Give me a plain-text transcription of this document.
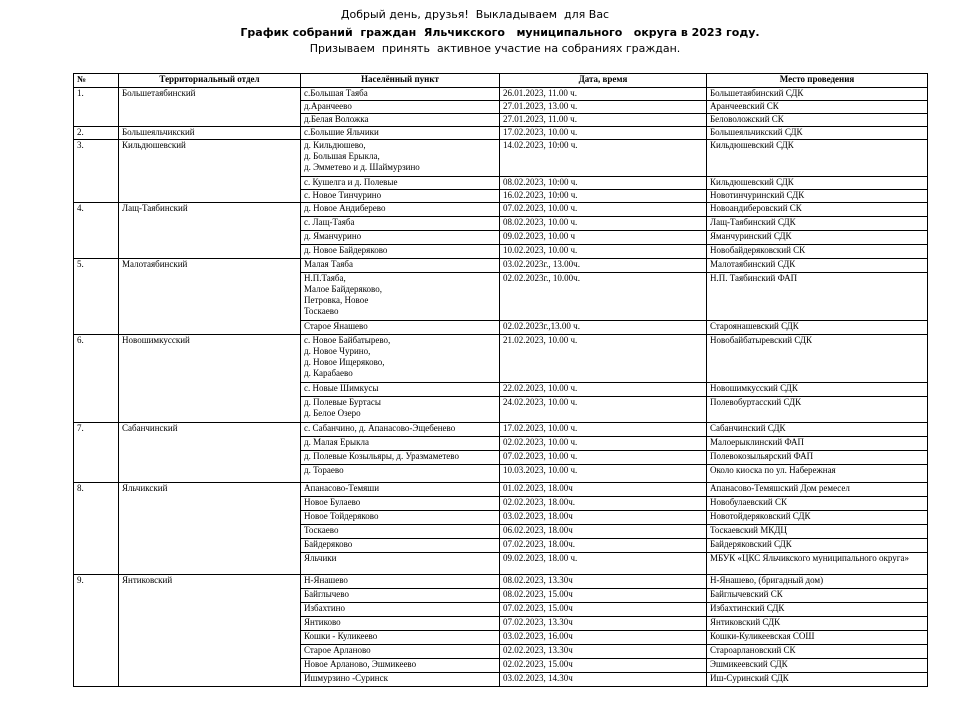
Добрый день, друзья!  Выкладываем  для Вас
График собраний  граждан  Яльчикского   муниципального   округа в 2023 году.
Призываем  принять  активное участие на собраниях граждан.
№	Территориальный отдел	Населённый пункт	Дата, время	Место проведения
1.	Большетаябинский	с.Большая Таяба	26.01.2023, 11.00 ч.	Большетаябинский СДК
		д.Аранчеево	27.01.2023, 13.00 ч.	Аранчеевский СК
		д.Белая Воложка	27.01.2023, 11.00 ч.	Беловоложский СК
2.	Большеяльчикский	с.Большие Яльчики	17.02.2023, 10.00 ч.	Большеяльчикский СДК
3.	Кильдюшевский	д. Кильдюшево,
д. Большая Ерыкла,
д. Эмметево и д. Шаймурзино	14.02.2023, 10:00 ч.	Кильдюшевский СДК
		с. Кушелга и д. Полевые	08.02.2023, 10:00 ч.	Кильдюшевский СДК
		с. Новое Тинчурино	16.02.2023, 10:00 ч.	Новотинчуринский СДК
4.	Лащ-Таябинский	д. Новое Андиберево	07.02.2023, 10.00 ч.	Новоандиберовский СК
		с. Лащ-Таяба	08.02.2023, 10.00 ч.	Лащ-Таябинский СДК
		д. Яманчурино	09.02.2023, 10.00 ч	Яманчуринский СДК
		д. Новое Байдеряково	10.02.2023, 10.00 ч.	Новобайдеряковский СК
5.	Малотаябинский	Малая Таяба	03.02.2023г., 13.00ч.	Малотаябинский СДК
		Н.П.Таяба,
Малое Байдеряково,
Петровка, Новое
Тоскаево	02.02.2023г., 10.00ч.	Н.П. Таябинский ФАП
		Старое Янашево	02.02.2023г.,13.00 ч.	Староянашевский СДК
6.	Новошимкусский	с. Новое Байбатырево,
д. Новое Чурино,
д. Новое Ищеряково,
д. Карабаево	21.02.2023, 10.00 ч.	Новобайбатыревский СДК
		с. Новые Шимкусы	22.02.2023, 10.00 ч.	Новошимкусский СДК
		д. Полевые Буртасы
д. Белое Озеро	24.02.2023, 10.00 ч.	Полевобуртасский СДК
7.	Сабанчинский	с. Сабанчино, д. Апанасово-Эщебенево	17.02.2023, 10.00 ч.	Сабанчинский СДК
		д. Малая Ерыкла	02.02.2023, 10.00 ч.	Малоерыклинский ФАП
		д. Полевые Козыльяры, д. Уразмаметево	07.02.2023, 10.00 ч.	Полевокозыльярский ФАП
		д. Тораево	10.03.2023, 10.00 ч.	Около киоска по ул. Набережная
8.	Яльчикский	Апанасово-Темяши	01.02.2023, 18.00ч	Апанасово-Темяшский Дом ремесел
		Новое Булаево	02.02.2023, 18.00ч.	Новобулаевский СК
		Новое Тойдеряково	03.02.2023, 18.00ч	Новотойдеряковский СДК
		Тоскаево	06.02.2023, 18.00ч	Тоскаевский МКДЦ
		Байдеряково	07.02.2023, 18.00ч.	Байдеряковский СДК
		Яльчики	09.02.2023, 18.00 ч.	МБУК «ЦКС Яльчикского муниципального округа»
9.	Янтиковский	Н-Янашево	08.02.2023, 13.30ч	Н-Янашево, (бригадный дом)
		Байглычево	08.02.2023, 15.00ч	Байглычевский СК
		Избахтино	07.02.2023, 15.00ч	Избахтинский СДК
		Янтиково	07.02.2023, 13.30ч	Янтиковский СДК
		Кошки - Куликеево	03.02.2023, 16.00ч	Кошки-Куликеевская СОШ
		Старое Арланово	02.02.2023, 13.30ч	Староарлановский СК
		Новое Арланово, Эшмикеево	02.02.2023, 15.00ч	Эшмикеевский СДК
		Ишмурзино -Суринск	03.02.2023, 14.30ч	Иш-Суринский СДК
